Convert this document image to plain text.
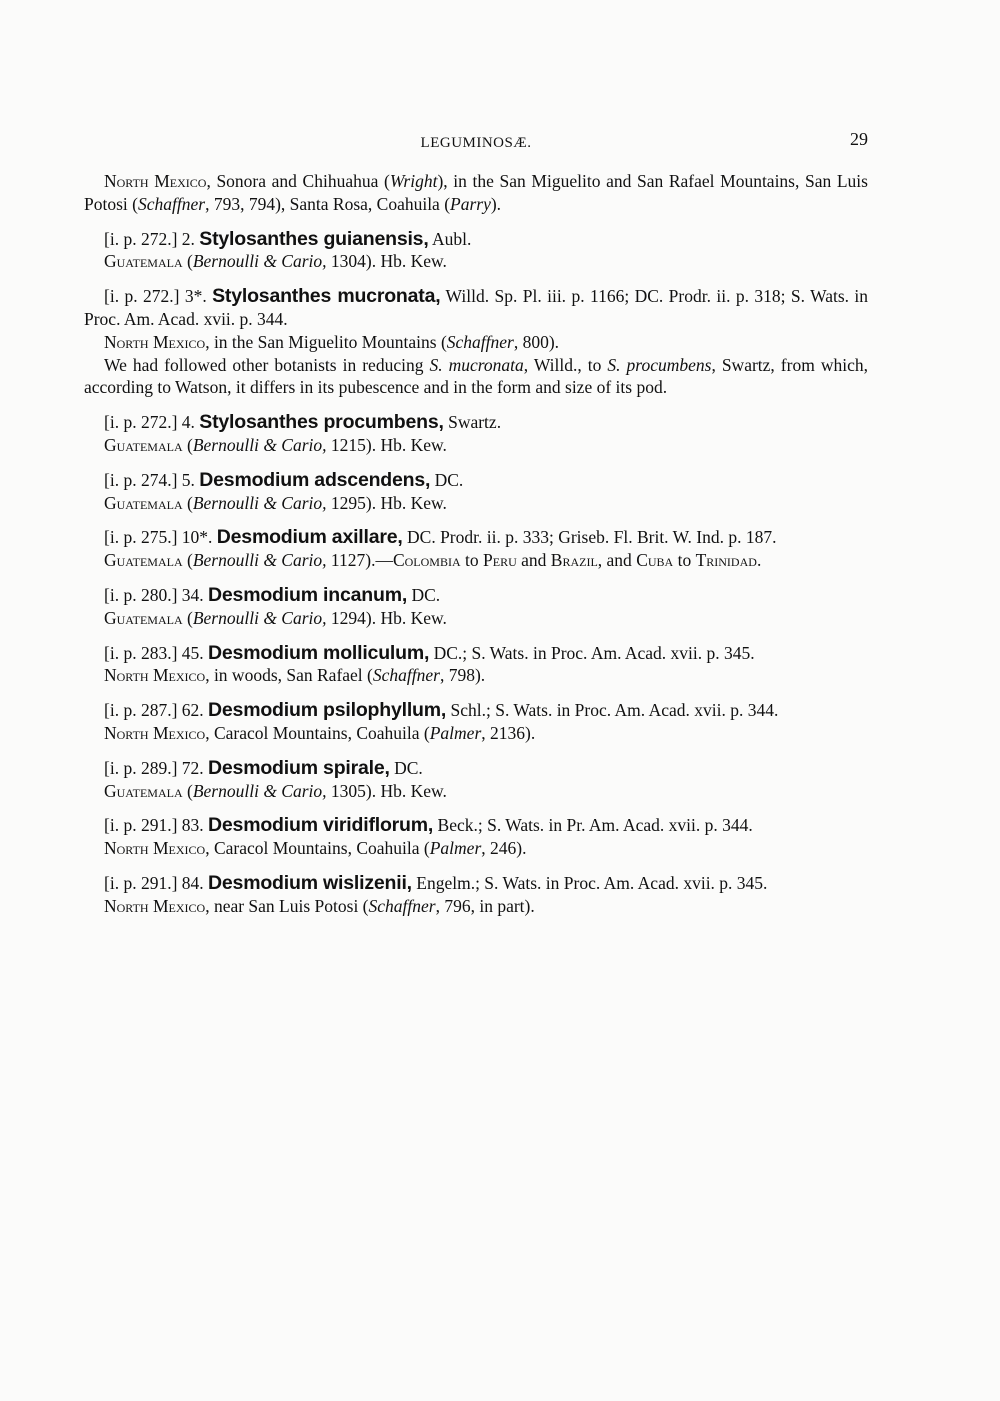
LEGUMINOSÆ.	29

North Mexico, Sonora and Chihuahua (Wright), in the San Miguelito and San Rafael Mountains, San Luis Potosi (Schaffner, 793, 794), Santa Rosa, Coahuila (Parry).

[i. p. 272.] 2. Stylosanthes guianensis, Aubl.

Guatemala (Bernoulli & Cario, 1304). Hb. Kew.

[i. p. 272.] 3*. Stylosanthes mucronata, Willd. Sp. Pl. iii. p. 1166; DC. Prodr. ii. p. 318; S. Wats. in Proc. Am. Acad. xvii. p. 344.

North Mexico, in the San Miguelito Mountains (Schaffner, 800).

We had followed other botanists in reducing S. mucronata, Willd., to S. procumbens, Swartz, from which, according to Watson, it differs in its pubescence and in the form and size of its pod.

[i. p. 272.] 4. Stylosanthes procumbens, Swartz.

Guatemala (Bernoulli & Cario, 1215). Hb. Kew.

[i. p. 274.] 5. Desmodium adscendens, DC.

Guatemala (Bernoulli & Cario, 1295). Hb. Kew.

[i. p. 275.] 10*. Desmodium axillare, DC. Prodr. ii. p. 333; Griseb. Fl. Brit. W. Ind. p. 187.

Guatemala (Bernoulli & Cario, 1127).—Colombia to Peru and Brazil, and Cuba to Trinidad.

[i. p. 280.] 34. Desmodium incanum, DC.

Guatemala (Bernoulli & Cario, 1294). Hb. Kew.

[i. p. 283.] 45. Desmodium molliculum, DC.; S. Wats. in Proc. Am. Acad. xvii. p. 345.

North Mexico, in woods, San Rafael (Schaffner, 798).

[i. p. 287.] 62. Desmodium psilophyllum, Schl.; S. Wats. in Proc. Am. Acad. xvii. p. 344.

North Mexico, Caracol Mountains, Coahuila (Palmer, 2136).

[i. p. 289.] 72. Desmodium spirale, DC.

Guatemala (Bernoulli & Cario, 1305). Hb. Kew.

[i. p. 291.] 83. Desmodium viridiflorum, Beck.; S. Wats. in Pr. Am. Acad. xvii. p. 344.

North Mexico, Caracol Mountains, Coahuila (Palmer, 246).

[i. p. 291.] 84. Desmodium wislizenii, Engelm.; S. Wats. in Proc. Am. Acad. xvii. p. 345.

North Mexico, near San Luis Potosi (Schaffner, 796, in part).
